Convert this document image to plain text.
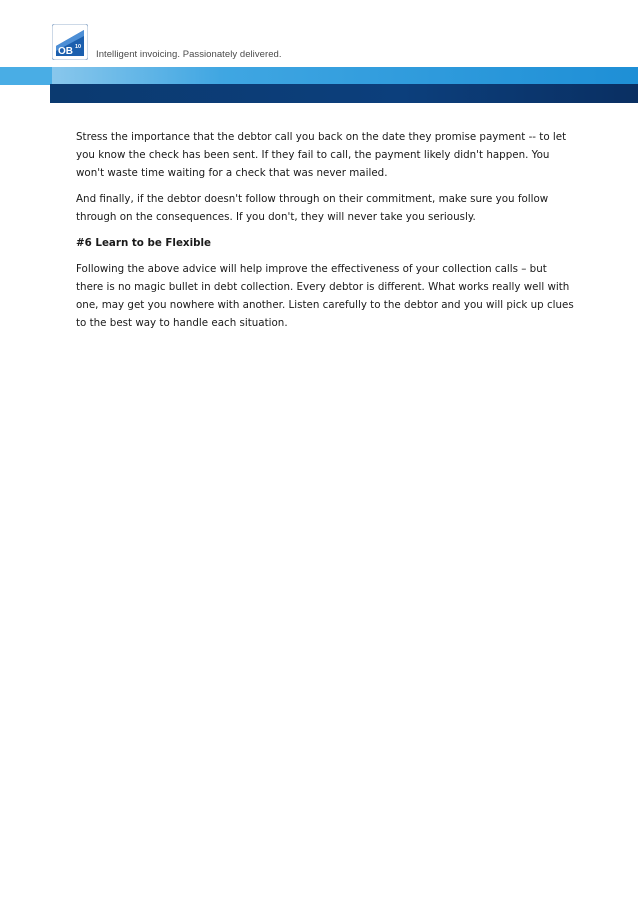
OB 10
Intelligent invoicing. Passionately delivered.

Stress the importance that the debtor call you back on the date they promise payment -- to let you know the check has been sent. If they fail to call, the payment likely didn't happen. You won't waste time waiting for a check that was never mailed.

And finally, if the debtor doesn't follow through on their commitment, make sure you follow through on the consequences. If you don't, they will never take you seriously.

#6 Learn to be Flexible

Following the above advice will help improve the effectiveness of your collection calls – but there is no magic bullet in debt collection. Every debtor is different. What works really well with one, may get you nowhere with another. Listen carefully to the debtor and you will pick up clues to the best way to handle each situation.
